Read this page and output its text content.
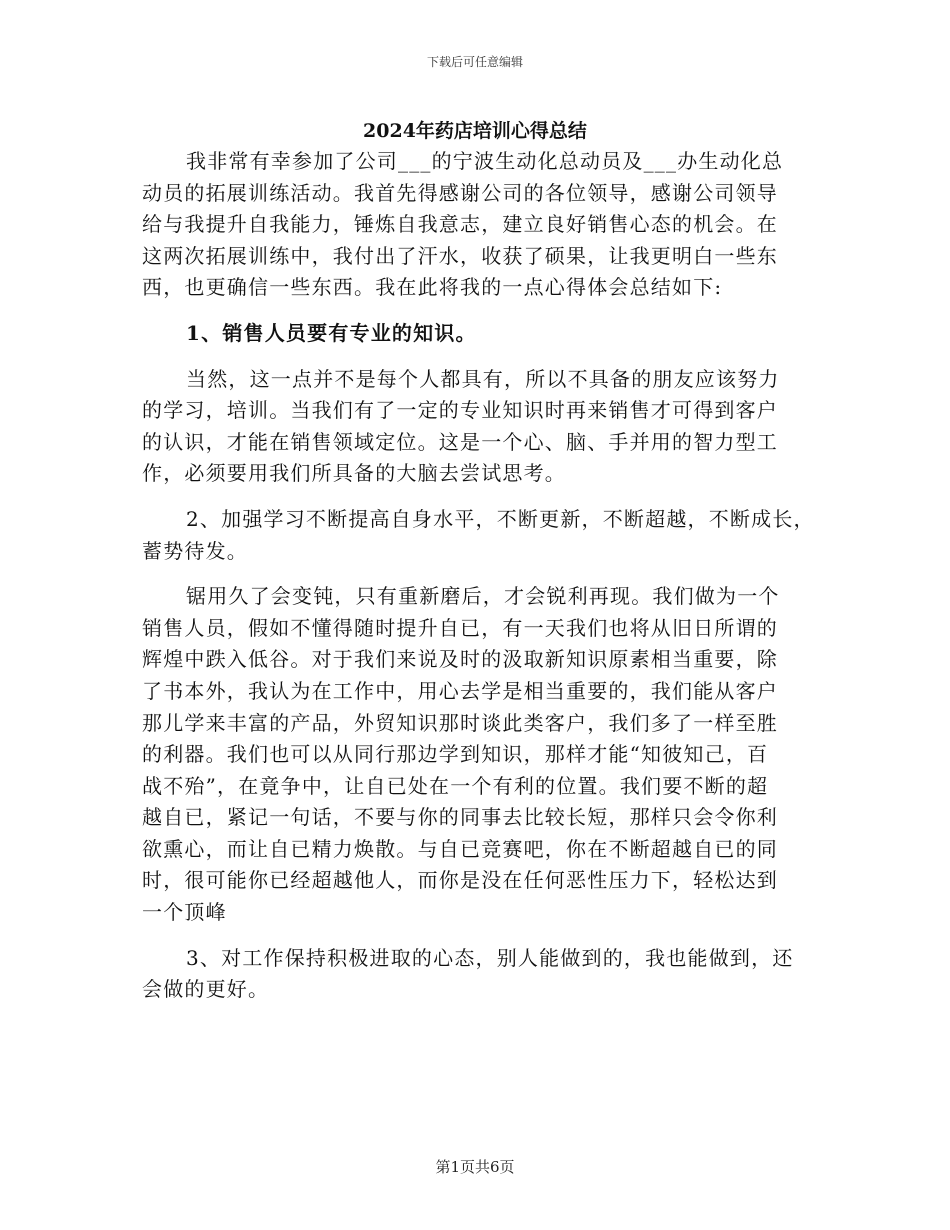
下载后可任意编辑
2024年药店培训心得总结
我非常有幸参加了公司___的宁波生动化总动员及___办生动化总
动员的拓展训练活动。我首先得感谢公司的各位领导，感谢公司领导
给与我提升自我能力，锤炼自我意志，建立良好销售心态的机会。在
这两次拓展训练中，我付出了汗水，收获了硕果，让我更明白一些东
西，也更确信一些东西。我在此将我的一点心得体会总结如下:
1、销售人员要有专业的知识。
当然，这一点并不是每个人都具有，所以不具备的朋友应该努力
的学习，培训。当我们有了一定的专业知识时再来销售才可得到客户
的认识，才能在销售领域定位。这是一个心、脑、手并用的智力型工
作，必须要用我们所具备的大脑去尝试思考。
2、加强学习不断提高自身水平，不断更新，不断超越，不断成长，
蓄势待发。
锯用久了会变钝，只有重新磨后，才会锐利再现。我们做为一个
销售人员，假如不懂得随时提升自已，有一天我们也将从旧日所谓的
辉煌中跌入低谷。对于我们来说及时的汲取新知识原素相当重要，除
了书本外，我认为在工作中，用心去学是相当重要的，我们能从客户
那儿学来丰富的产品，外贸知识那时谈此类客户，我们多了一样至胜
的利器。我们也可以从同行那边学到知识，那样才能“知彼知己，百
战不殆”，在竟争中，让自已处在一个有利的位置。我们要不断的超
越自已，紧记一句话，不要与你的同事去比较长短，那样只会令你利
欲熏心，而让自已精力焕散。与自已竞赛吧，你在不断超越自已的同
时，很可能你已经超越他人，而你是没在任何恶性压力下，轻松达到
一个顶峰
3、对工作保持积极进取的心态，别人能做到的，我也能做到，还
会做的更好。
第1页共6页
